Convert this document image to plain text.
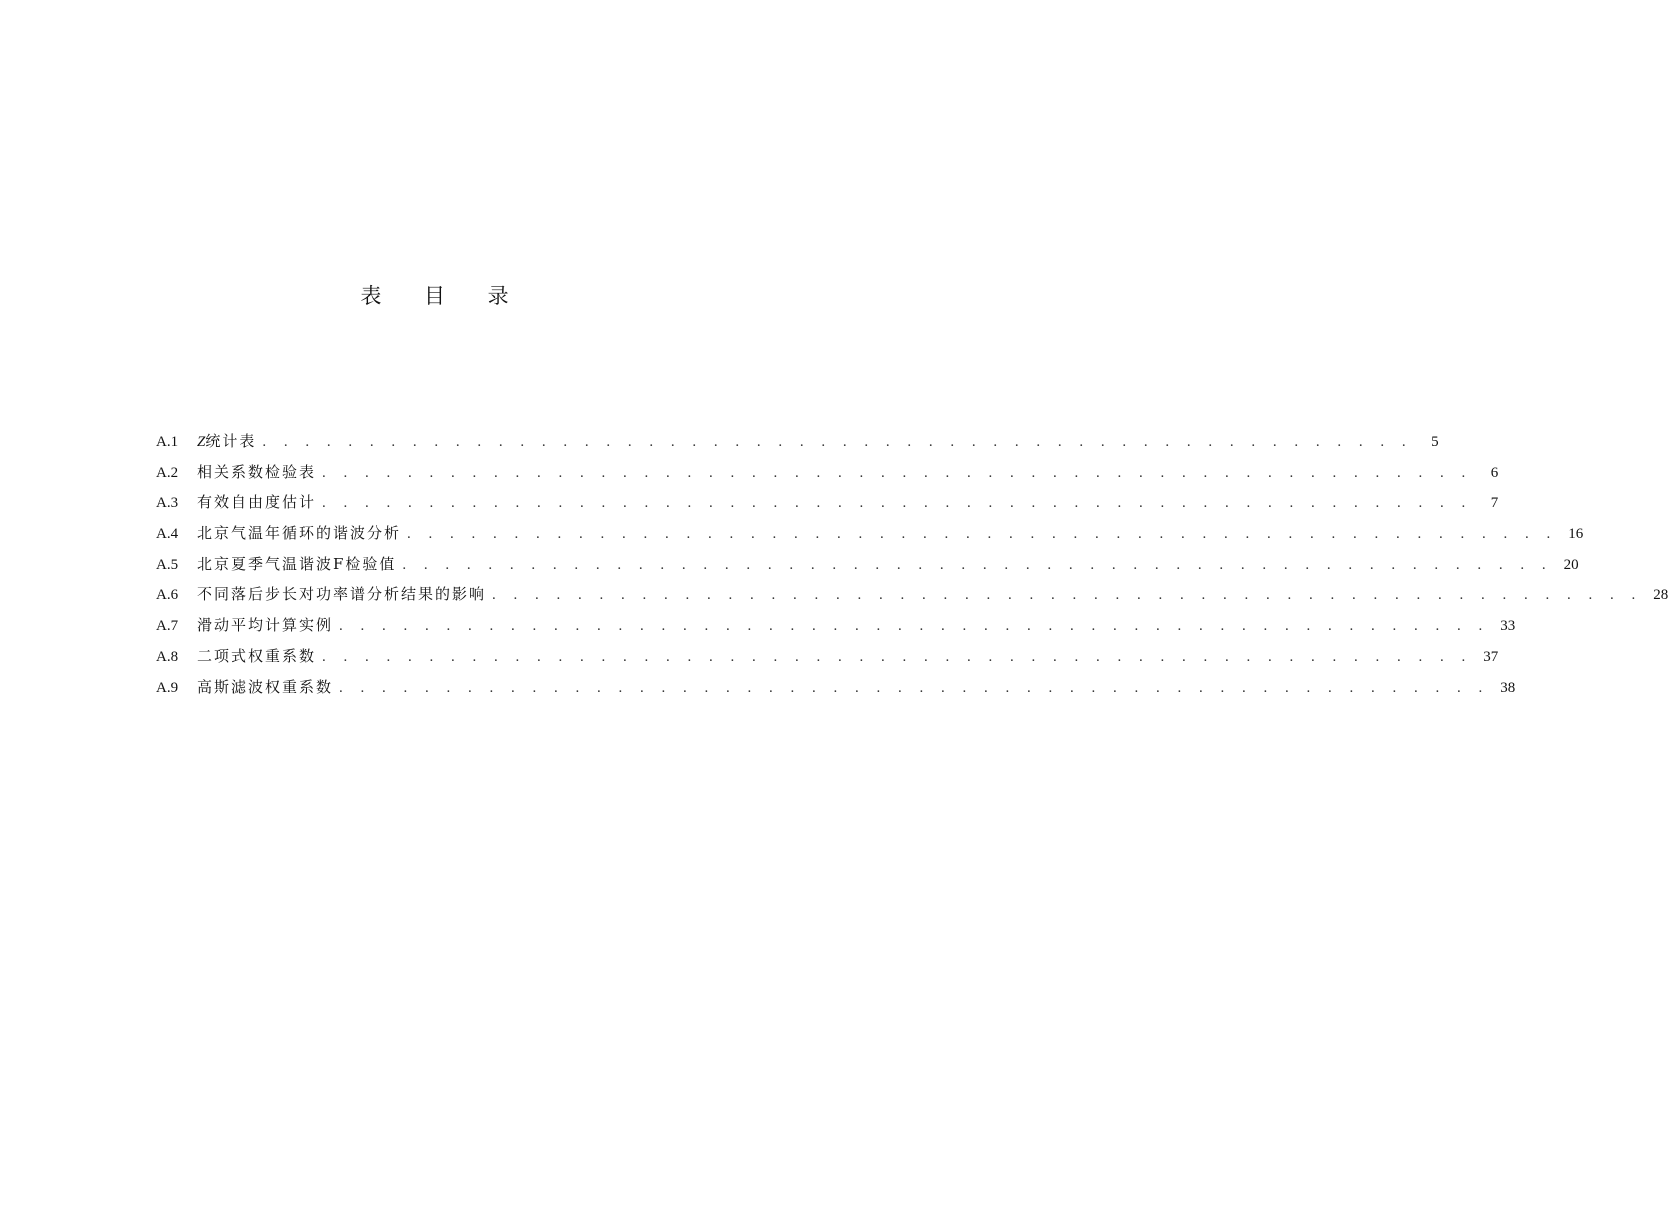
表 目 录
A.1	Z统计表 . . . . . . . . . . . . . . . . . . . . . . . . . . . . . . . . . . . . . . . . . . . . . . . . . . . . . .	5
A.2	相关系数检验表 . . . . . . . . . . . . . . . . . . . . . . . . . . . . . . . . . . . . . . . . . . . . . . . . . . . . . .	6
A.3	有效自由度估计 . . . . . . . . . . . . . . . . . . . . . . . . . . . . . . . . . . . . . . . . . . . . . . . . . . . . . .	7
A.4	北京气温年循环的谐波分析 . . . . . . . . . . . . . . . . . . . . . . . . . . . . . . . . . . . . . . . . . . . . . . . . . . . . . . 16
A.5	北京夏季气温谐波F检验值 . . . . . . . . . . . . . . . . . . . . . . . . . . . . . . . . . . . . . . . . . . . . . . . . . . . . . . 20
A.6	不同落后步长对功率谱分析结果的影响 . . . . . . . . . . . . . . . . . . . . . . . . . . . . . . . . . . . . . . . . . . . . . . . . . . . . . . 28
A.7	滑动平均计算实例 . . . . . . . . . . . . . . . . . . . . . . . . . . . . . . . . . . . . . . . . . . . . . . . . . . . . . . 33
A.8	二项式权重系数 . . . . . . . . . . . . . . . . . . . . . . . . . . . . . . . . . . . . . . . . . . . . . . . . . . . . . . 37
A.9	高斯滤波权重系数 . . . . . . . . . . . . . . . . . . . . . . . . . . . . . . . . . . . . . . . . . . . . . . . . . . . . . . 38
